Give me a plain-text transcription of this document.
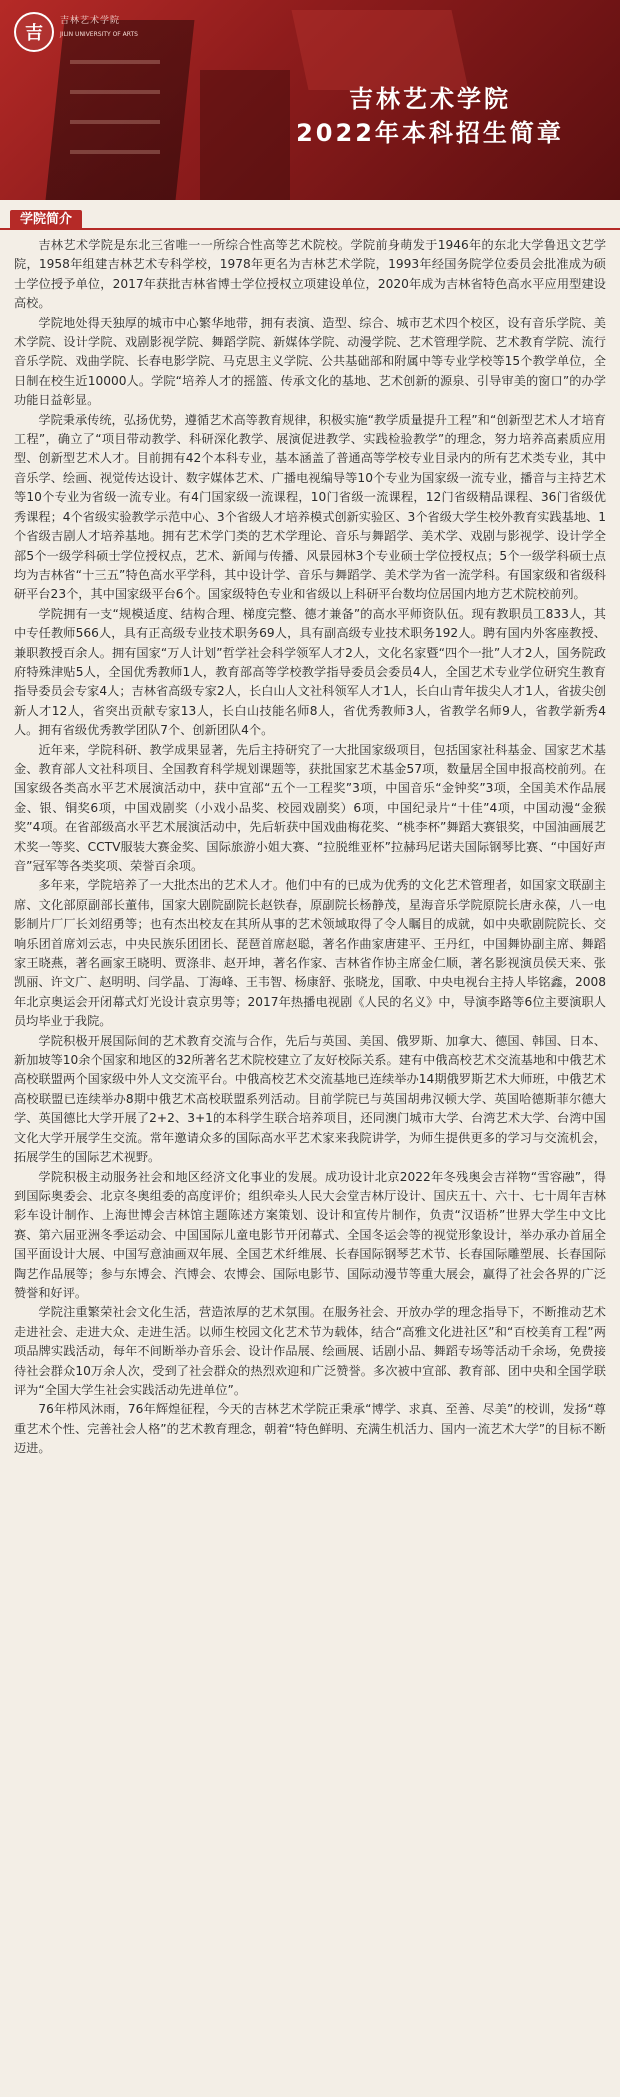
吉
吉林艺术学院
JILIN UNIVERSITY OF ARTS
吉林艺术学院
2022年本科招生简章
学院简介

吉林艺术学院是东北三省唯一一所综合性高等艺术院校。学院前身萌发于1946年的东北大学鲁迅文艺学院，1958年组建吉林艺术专科学校，1978年更名为吉林艺术学院，1993年经国务院学位委员会批准成为硕士学位授予单位，2017年获批吉林省博士学位授权立项建设单位，2020年成为吉林省特色高水平应用型建设高校。

学院地处得天独厚的城市中心繁华地带，拥有表演、造型、综合、城市艺术四个校区，设有音乐学院、美术学院、设计学院、戏剧影视学院、舞蹈学院、新媒体学院、动漫学院、艺术管理学院、艺术教育学院、流行音乐学院、戏曲学院、长春电影学院、马克思主义学院、公共基础部和附属中等专业学校等15个教学单位，全日制在校生近10000人。学院“培养人才的摇篮、传承文化的基地、艺术创新的源泉、引导审美的窗口”的办学功能日益彰显。

学院秉承传统，弘扬优势，遵循艺术高等教育规律，积极实施“教学质量提升工程”和“创新型艺术人才培育工程”，确立了“项目带动教学、科研深化教学、展演促进教学、实践检验教学”的理念，努力培养高素质应用型、创新型艺术人才。目前拥有42个本科专业，基本涵盖了普通高等学校专业目录内的所有艺术类专业，其中音乐学、绘画、视觉传达设计、数字媒体艺术、广播电视编导等10个专业为国家级一流专业，播音与主持艺术等10个专业为省级一流专业。有4门国家级一流课程，10门省级一流课程，12门省级精品课程、36门省级优秀课程；4个省级实验教学示范中心、3个省级人才培养模式创新实验区、3个省级大学生校外教育实践基地、1个省级吉剧人才培养基地。拥有艺术学门类的艺术学理论、音乐与舞蹈学、美术学、戏剧与影视学、设计学全部5个一级学科硕士学位授权点，艺术、新闻与传播、风景园林3个专业硕士学位授权点；5个一级学科硕士点均为吉林省“十三五”特色高水平学科，其中设计学、音乐与舞蹈学、美术学为省一流学科。有国家级和省级科研平台23个，其中国家级平台6个。国家级特色专业和省级以上科研平台数均位居国内地方艺术院校前列。

学院拥有一支“规模适度、结构合理、梯度完整、德才兼备”的高水平师资队伍。现有教职员工833人，其中专任教师566人，具有正高级专业技术职务69人，具有副高级专业技术职务192人。聘有国内外客座教授、兼职教授百余人。拥有国家“万人计划”哲学社会科学领军人才2人，文化名家暨“四个一批”人才2人，国务院政府特殊津贴5人，全国优秀教师1人，教育部高等学校教学指导委员会委员4人，全国艺术专业学位研究生教育指导委员会专家4人；吉林省高级专家2人，长白山人文社科领军人才1人，长白山青年拔尖人才1人，省拔尖创新人才12人，省突出贡献专家13人，长白山技能名师8人，省优秀教师3人，省教学名师9人，省教学新秀4人。拥有省级优秀教学团队7个、创新团队4个。

近年来，学院科研、教学成果显著，先后主持研究了一大批国家级项目，包括国家社科基金、国家艺术基金、教育部人文社科项目、全国教育科学规划课题等，获批国家艺术基金57项，数量居全国申报高校前列。在国家级各类高水平艺术展演活动中，获中宣部“五个一工程奖”3项，中国音乐“金钟奖”3项，全国美术作品展金、银、铜奖6项，中国戏剧奖（小戏小品奖、校园戏剧奖）6项，中国纪录片“十佳”4项，中国动漫“金猴奖”4项。在省部级高水平艺术展演活动中，先后斩获中国戏曲梅花奖、“桃李杯”舞蹈大赛银奖，中国油画展艺术奖一等奖、CCTV服装大赛金奖、国际旅游小姐大赛、“拉脱维亚杯”拉赫玛尼诺夫国际钢琴比赛、“中国好声音”冠军等各类奖项、荣誉百余项。

多年来，学院培养了一大批杰出的艺术人才。他们中有的已成为优秀的文化艺术管理者，如国家文联副主席、文化部原副部长董伟，国家大剧院副院长赵铁春，原副院长杨静茂，星海音乐学院原院长唐永葆，八一电影制片厂厂长刘绍勇等；也有杰出校友在其所从事的艺术领域取得了令人瞩目的成就，如中央歌剧院院长、交响乐团首席刘云志，中央民族乐团团长、琵琶首席赵聪，著名作曲家唐建平、王丹红，中国舞协副主席、舞蹈家王晓燕，著名画家王晓明、贾涤非、赵开坤，著名作家、吉林省作协主席金仁顺，著名影视演员侯天来、张凯丽、许文广、赵明明、闫学晶、丁海峰、王韦智、杨康舒、张晓龙，国歌、中央电视台主持人毕铭鑫，2008年北京奥运会开闭幕式灯光设计袁京男等；2017年热播电视剧《人民的名义》中，导演李路等6位主要演职人员均毕业于我院。

学院积极开展国际间的艺术教育交流与合作，先后与英国、美国、俄罗斯、加拿大、德国、韩国、日本、新加坡等10余个国家和地区的32所著名艺术院校建立了友好校际关系。建有中俄高校艺术交流基地和中俄艺术高校联盟两个国家级中外人文交流平台。中俄高校艺术交流基地已连续举办14期俄罗斯艺术大师班，中俄艺术高校联盟已连续举办8期中俄艺术高校联盟系列活动。目前学院已与英国胡弗汉顿大学、英国哈德斯菲尔德大学、英国德比大学开展了2+2、3+1的本科学生联合培养项目，还同澳门城市大学、台湾艺术大学、台湾中国文化大学开展学生交流。常年邀请众多的国际高水平艺术家来我院讲学，为师生提供更多的学习与交流机会，拓展学生的国际艺术视野。

学院积极主动服务社会和地区经济文化事业的发展。成功设计北京2022年冬残奥会吉祥物“雪容融”，得到国际奥委会、北京冬奥组委的高度评价；组织牵头人民大会堂吉林厅设计、国庆五十、六十、七十周年吉林彩车设计制作、上海世博会吉林馆主题陈述方案策划、设计和宣传片制作，负责“汉语桥”世界大学生中文比赛、第六届亚洲冬季运动会、中国国际儿童电影节开闭幕式、全国冬运会等的视觉形象设计，举办承办首届全国平面设计大展、中国写意油画双年展、全国艺术纤维展、长春国际钢琴艺术节、长春国际雕塑展、长春国际陶艺作品展等；参与东博会、汽博会、农博会、国际电影节、国际动漫节等重大展会，赢得了社会各界的广泛赞誉和好评。

学院注重繁荣社会文化生活，营造浓厚的艺术氛围。在服务社会、开放办学的理念指导下，不断推动艺术走进社会、走进大众、走进生活。以师生校园文化艺术节为载体，结合“高雅文化进社区”和“百校美育工程”两项品牌实践活动，每年不间断举办音乐会、设计作品展、绘画展、话剧小品、舞蹈专场等活动千余场，免费接待社会群众10万余人次，受到了社会群众的热烈欢迎和广泛赞誉。多次被中宣部、教育部、团中央和全国学联评为“全国大学生社会实践活动先进单位”。

76年栉风沐雨，76年辉煌征程，今天的吉林艺术学院正秉承“博学、求真、至善、尽美”的校训，发扬“尊重艺术个性、完善社会人格”的艺术教育理念，朝着“特色鲜明、充满生机活力、国内一流艺术大学”的目标不断迈进。
